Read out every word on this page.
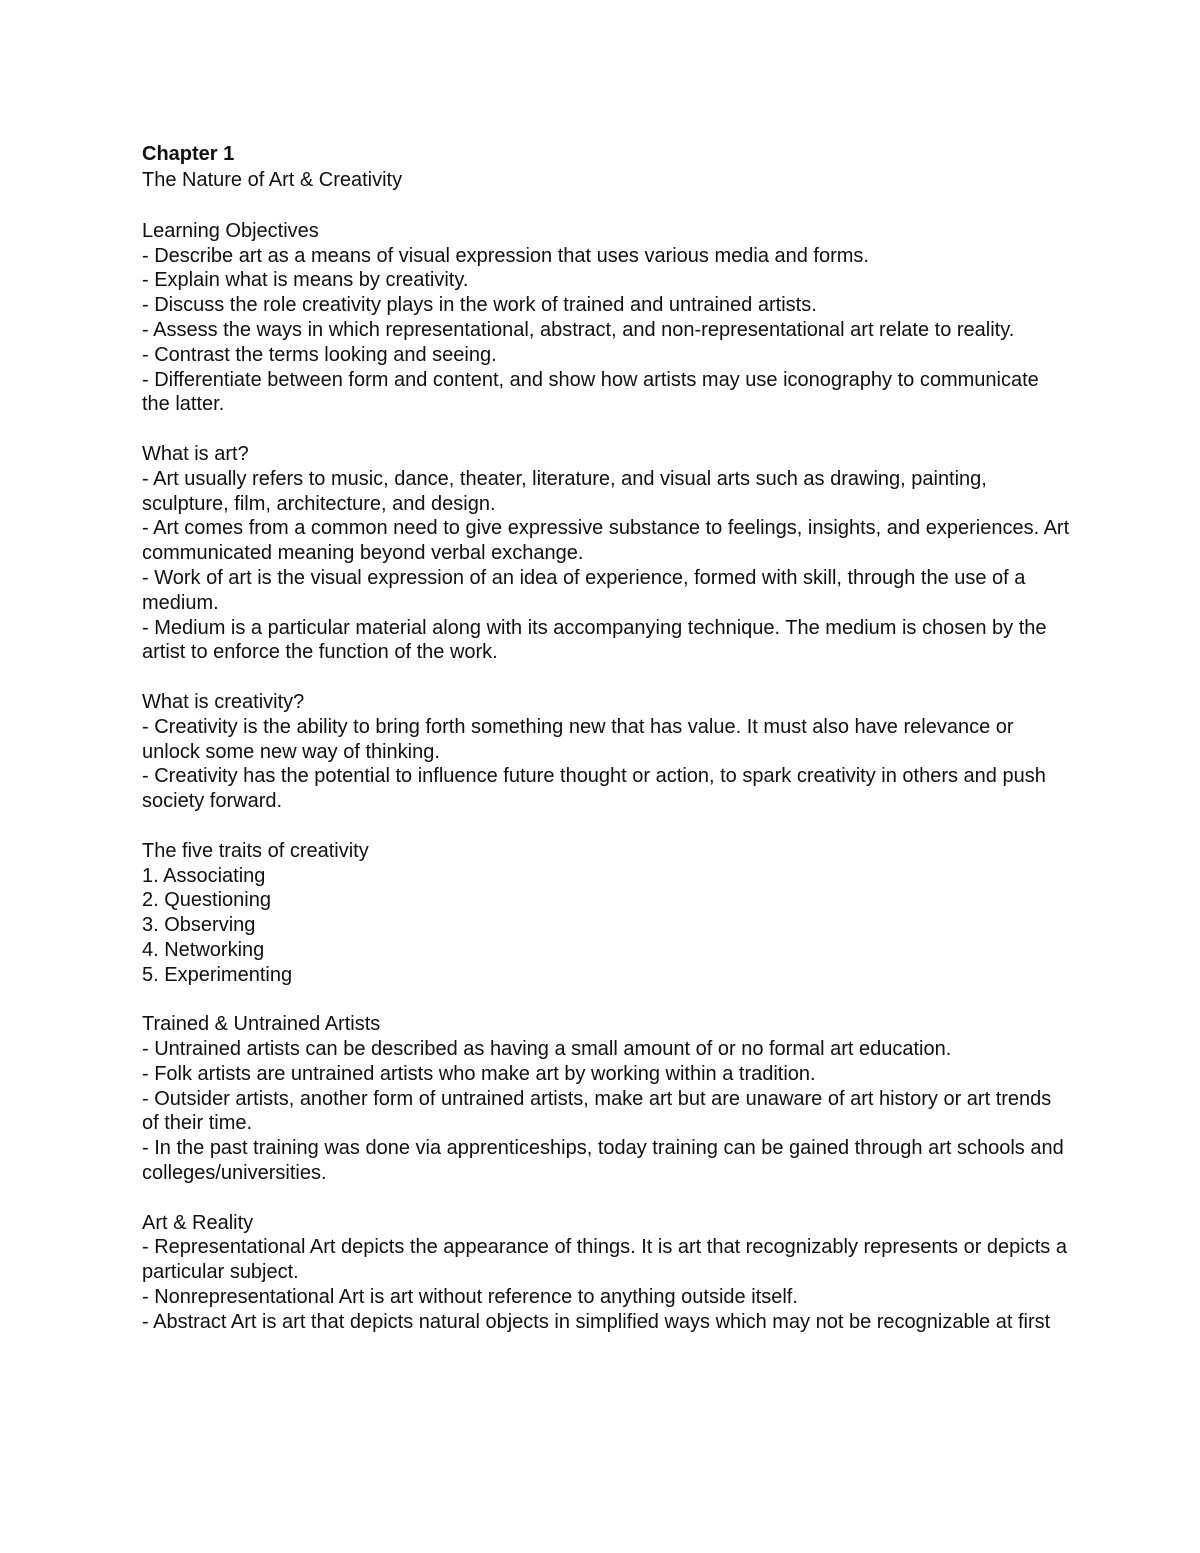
Chapter 1

The Nature of Art & Creativity

Learning Objectives

- Describe art as a means of visual expression that uses various media and forms.
- Explain what is means by creativity.
- Discuss the role creativity plays in the work of trained and untrained artists.
- Assess the ways in which representational, abstract, and non-representational art relate to reality.
- Contrast the terms looking and seeing.
- Differentiate between form and content, and show how artists may use iconography to communicate the latter.

What is art?

- Art usually refers to music, dance, theater, literature, and visual arts such as drawing, painting, sculpture, film, architecture, and design.
- Art comes from a common need to give expressive substance to feelings, insights, and experiences. Art communicated meaning beyond verbal exchange.
- Work of art is the visual expression of an idea of experience, formed with skill, through the use of a medium.
- Medium is a particular material along with its accompanying technique. The medium is chosen by the artist to enforce the function of the work.

What is creativity?

- Creativity is the ability to bring forth something new that has value. It must also have relevance or unlock some new way of thinking.
- Creativity has the potential to influence future thought or action, to spark creativity in others and push society forward.

The five traits of creativity

1. Associating
2. Questioning
3. Observing
4. Networking
5. Experimenting

Trained & Untrained Artists

- Untrained artists can be described as having a small amount of or no formal art education.
- Folk artists are untrained artists who make art by working within a tradition.
- Outsider artists, another form of untrained artists, make art but are unaware of art history or art trends of their time.
- In the past training was done via apprenticeships, today training can be gained through art schools and colleges/universities.

Art & Reality

- Representational Art depicts the appearance of things. It is art that recognizably represents or depicts a particular subject.
- Nonrepresentational Art is art without reference to anything outside itself.
- Abstract Art is art that depicts natural objects in simplified ways which may not be recognizable at first
